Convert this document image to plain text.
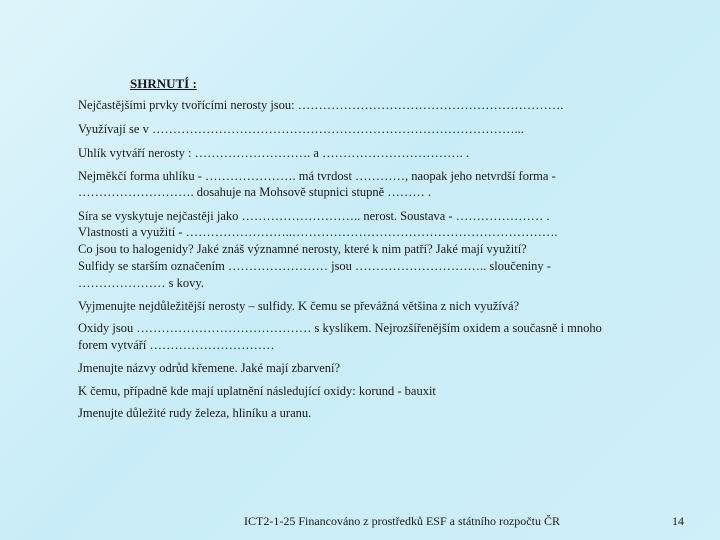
SHRNUTÍ :
Nejčastějšími prvky tvořícími nerosty jsou: ……………………………………………………….
Využívají se v ……………………………………………………………………………...
Uhlík vytváří nerosty : ………………………. a ……………………………. .
Nejměkčí forma uhlíku - …………………. má tvrdost …………, naopak jeho netvrdší forma -
………………………. dosahuje na Mohsově stupnici stupně ……… .
Síra se vyskytuje nejčastěji jako ……………………….. nerost. Soustava - ………………… .
Vlastnosti a využití - ……………………..……………………………………………………….
Co jsou to halogenidy? Jaké znáš významné nerosty, které k nim patří? Jaké mají využití?
Sulfidy se starším označením …………………… jsou ………………………….. sloučeniny -
………………… s kovy.
Vyjmenujte nejdůležitější nerosty – sulfidy. K čemu se převážná většina z nich využívá?
Oxidy jsou …………………………………… s kyslíkem. Nejrozšířenějším oxidem a současně i mnoho
forem vytváří …………………………
Jmenujte názvy odrůd křemene. Jaké mají zbarvení?
K čemu, případně kde mají uplatnění následující oxidy: korund - bauxit
Jmenujte důležité rudy železa, hliníku a uranu.
ICT2-1-25 Financováno z prostředků ESF a státního rozpočtu ČR	14
